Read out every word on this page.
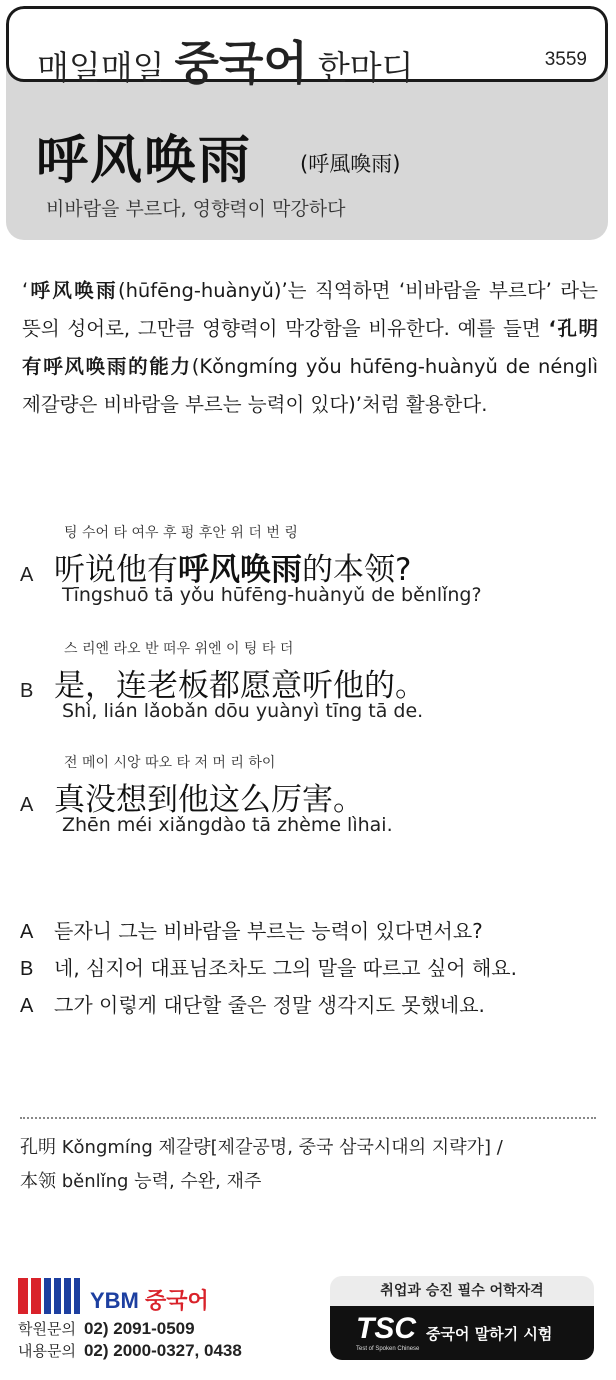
매일매일 중국어 한마디	3559
呼风唤雨 (呼風喚雨)
비바람을 부르다, 영향력이 막강하다
‘呼风唤雨(hūfēng-huànyǔ)’는 직역하면 ‘비바람을 부르다’ 라는 뜻의 성어로, 그만큼 영향력이 막강함을 비유한다. 예를 들면 ‘孔明有呼风唤雨的能力(Kǒngmíng yǒu hūfēng-huànyǔ de nénglì 제갈량은 비바람을 부르는 능력이 있다)’처럼 활용한다.
팅 수어 타 여우 후 펑 후안 위 더 번 링
A 听说他有呼风唤雨的本领?
Tīngshuō tā yǒu hūfēng-huànyǔ de běnlǐng?
스 리엔 라오 반 떠우 위엔 이 팅 타 더
B 是，连老板都愿意听他的。
Shì, lián lǎobǎn dōu yuànyì tīng tā de.
전 메이 시앙 따오 타 저 머 리 하이
A 真没想到他这么厉害。
Zhēn méi xiǎngdào tā zhème lìhai.
A 듣자니 그는 비바람을 부르는 능력이 있다면서요?
B 네, 심지어 대표님조차도 그의 말을 따르고 싶어 해요.
A 그가 이렇게 대단할 줄은 정말 생각지도 못했네요.
孔明 Kǒngmíng 제갈량[제갈공명, 중국 삼국시대의 지략가] /
本领 běnlǐng 능력, 수완, 재주
YBM 중국어
학원문의 02) 2091-0509
내용문의 02) 2000-0327, 0438
취업과 승진 필수 어학자격
TSC
Test of Spoken Chinese
중국어 말하기 시험
